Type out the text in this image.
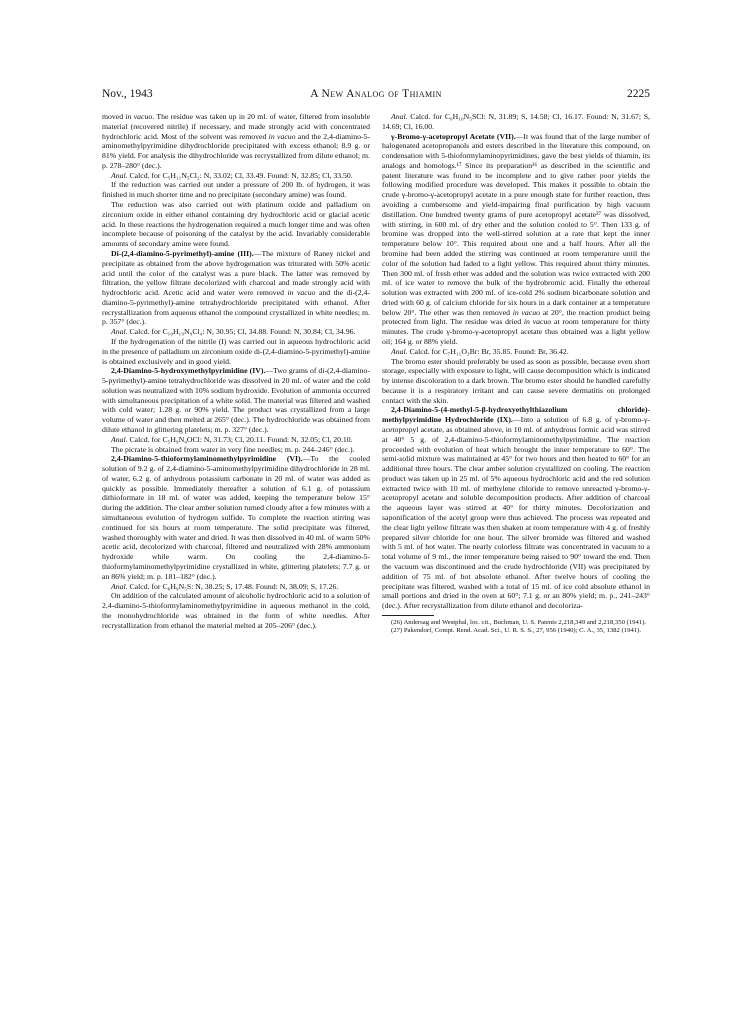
Nov., 1943	A New Analog of Thiamin	2225

moved in vacuo. The residue was taken up in 20 ml. of water, filtered from insoluble material (recovered nitrile) if necessary, and made strongly acid with concentrated hydrochloric acid. Most of the solvent was removed in vacuo and the 2,4-diamino-5-aminomethylpyrimidine dihydrochloride precipitated with excess ethanol; 8.9 g. or 81% yield. For analysis the dihydrochloride was recrystallized from dilute ethanol; m. p. 278–280° (dec.).

Anal. Calcd. for C₅H₁₁N₅Cl₂: N, 33.02; Cl, 33.49. Found: N, 32.85; Cl, 33.50.

If the reduction was carried out under a pressure of 200 lb. of hydrogen, it was finished in much shorter time and no precipitate (secondary amine) was found.

The reduction was also carried out with platinum oxide and palladium on zirconium oxide in either ethanol containing dry hydrochloric acid or glacial acetic acid. In these reactions the hydrogenation required a much longer time and was often incomplete because of poisoning of the catalyst by the acid. Invariably considerable amounts of secondary amine were found.

Di-(2,4-diamino-5-pyrimethyl)-amine (III).—The mixture of Raney nickel and precipitate as obtained from the above hydrogenation was triturated with 50% acetic acid until the color of the catalyst was a pure black. The latter was removed by filtration, the yellow filtrate decolorized with charcoal and made strongly acid with hydrochloric acid. Acetic acid and water were removed in vacuo and the di-(2,4-diamino-5-pyrimethyl)-amine tetrahydrochloride precipitated with ethanol. After recrystallization from aqueous ethanol the compound crystallized in white needles; m. p. 357° (dec.).

Anal. Calcd. for C₁₀H₁₉N₉Cl₄: N, 30.95; Cl, 34.88. Found: N, 30.84; Cl, 34.96.

If the hydrogenation of the nitrile (I) was carried out in aqueous hydrochloric acid in the presence of palladium on zirconium oxide di-(2,4-diamino-5-pyrimethyl)-amine is obtained exclusively and in good yield.

2,4-Diamino-5-hydroxymethylpyrimidine (IV).—Two grams of di-(2,4-diamino-5-pyrimethyl)-amine tetrahydrochloride was dissolved in 20 ml. of water and the cold solution was neutralized with 10% sodium hydroxide. Evolution of ammonia occurred with simultaneous precipitation of a white solid. The material was filtered and washed with cold water; 1.28 g. or 90% yield. The product was crystallized from a large volume of water and then melted at 265° (dec.). The hydrochloride was obtained from dilute ethanol in glittering platelets; m. p. 327° (dec.).

Anal. Calcd. for C₅H₉N₄OCl: N, 31.73; Cl, 20.11. Found: N, 32.05; Cl, 20.10.

The picrate is obtained from water in very fine needles; m. p. 244–246° (dec.).

2,4-Diamino-5-thioformylaminomethylpyrimidine (VI).—To the cooled solution of 9.2 g. of 2,4-diamino-5-aminomethylpyrimidine dihydrochloride in 28 ml. of water, 6.2 g. of anhydrous potassium carbonate in 20 ml. of water was added as quickly as possible. Immediately thereafter a solution of 6.1 g. of potassium dithioformate in 18 ml. of water was added, keeping the temperature below 15° during the addition. The clear amber solution turned cloudy after a few minutes with a simultaneous evolution of hydrogen sulfide. To complete the reaction stirring was continued for six hours at room temperature. The solid precipitate was filtered, washed thoroughly with water and dried. It was then dissolved in 40 ml. of warm 50% acetic acid, decolorized with charcoal, filtered and neutralized with 28% ammonium hydroxide while warm. On cooling the 2,4-diamino-5-thioformylaminomethylpyrimidine crystallized in white, glittering platelets; 7.7 g. or an 86% yield; m. p. 181–182° (dec.).

Anal. Calcd. for C₆H₉N₅S: N, 38.25; S, 17.48. Found: N, 38.09; S, 17.26.

On addition of the calculated amount of alcoholic hydrochloric acid to a solution of 2,4-diamino-5-thioformylaminomethylpyrimidine in aqueous methanol in the cold, the monohydrochloride was obtained in the form of white needles. After recrystallization from ethanol the material melted at 205–206° (dec.).

Anal. Calcd. for C₆H₁₀N₅SCl: N, 31.89; S, 14.58; Cl, 16.17. Found: N, 31.67; S, 14.69; Cl, 16.00.

γ-Bromo-γ-acetopropyl Acetate (VII).—It was found that of the large number of halogenated acetopropanols and esters described in the literature this compound, on condensation with 5-thioformylaminopyrimidines, gave the best yields of thiamin, its analogs and homologs.¹⁷ Since its preparation²⁶ as described in the scientific and patent literature was found to be incomplete and to give rather poor yields the following modified procedure was developed. This makes it possible to obtain the crude γ-bromo-γ-acetopropyl acetate in a pure enough state for further reaction, thus avoiding a cumbersome and yield-impairing final purification by high vacuum distillation. One hundred twenty grams of pure acetopropyl acetate²⁷ was dissolved, with stirring, in 600 ml. of dry ether and the solution cooled to 5°. Then 133 g. of bromine was dropped into the well-stirred solution at a rate that kept the inner temperature below 10°. This required about one and a half hours. After all the bromine had been added the stirring was continued at room temperature until the color of the solution had faded to a light yellow. This required about thirty minutes. Then 300 ml. of fresh ether was added and the solution was twice extracted with 200 ml. of ice water to remove the bulk of the hydrobromic acid. Finally the ethereal solution was extracted with 200 ml. of ice-cold 2% sodium bicarbonate solution and dried with 60 g. of calcium chloride for six hours in a dark container at a temperature below 20°. The ether was then removed in vacuo at 20°, the reaction product being protected from light. The residue was dried in vacuo at room temperature for thirty minutes. The crude γ-bromo-γ-acetopropyl acetate thus obtained was a light yellow oil; 164 g. or 88% yield.

Anal. Calcd. for C₇H₁₁O₃Br: Br, 35.85. Found: Br, 36.42.

The bromo ester should preferably be used as soon as possible, because even short storage, especially with exposure to light, will cause decomposition which is indicated by intense discoloration to a dark brown. The bromo ester should be handled carefully because it is a respiratory irritant and can cause severe dermatitis on prolonged contact with the skin.

2,4-Diamino-5-(4-methyl-5-β-hydroxyethylthiazolium chloride)-methylpyrimidine Hydrochloride (IX).—Into a solution of 6.8 g. of γ-bromo-γ-acetopropyl acetate, as obtained above, in 10 ml. of anhydrous formic acid was stirred at 40° 5 g. of 2,4-diamino-5-thioformylaminomethylpyrimidine. The reaction proceeded with evolution of heat which brought the inner temperature to 60°. The semi-solid mixture was maintained at 45° for two hours and then heated to 60° for an additional three hours. The clear amber solution crystallized on cooling. The reaction product was taken up in 25 ml. of 5% aqueous hydrochloric acid and the red solution extracted twice with 10 ml. of methylene chloride to remove unreacted γ-bromo-γ-acetopropyl acetate and soluble decomposition products. After addition of charcoal the aqueous layer was stirred at 40° for thirty minutes. Decolorization and saponification of the acetyl group were thus achieved. The process was repeated and the clear light yellow filtrate was then shaken at room temperature with 4 g. of freshly prepared silver chloride for one hour. The silver bromide was filtered and washed with 5 ml. of hot water. The nearly colorless filtrate was concentrated in vacuum to a total volume of 9 ml., the inner temperature being raised to 90° toward the end. Then the vacuum was discontinued and the crude hydrochloride (VII) was precipitated by addition of 75 ml. of hot absolute ethanol. After twelve hours of cooling the precipitate was filtered, washed with a total of 15 ml. of ice cold absolute ethanol in small portions and dried in the oven at 60°; 7.1 g. or an 80% yield; m. p., 241–243° (dec.). After recrystallization from dilute ethanol and decoloriza-

(26) Andersag and Westphal, loc. cit., Buchman, U. S. Patents 2,218,349 and 2,218,350 (1941).

(27) Pakendorf, Compt. Rend. Acad. Sci., U. R. S. S., 27, 956 (1940); C. A., 35, 1382 (1941).
